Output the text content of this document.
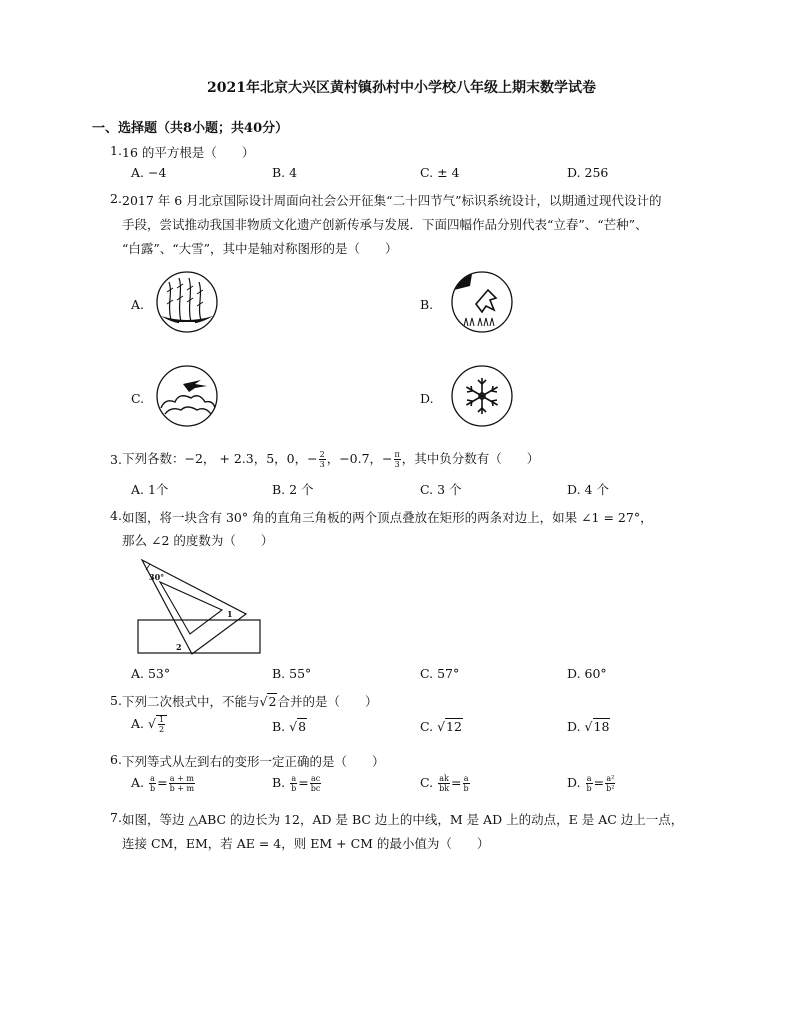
2021年北京大兴区黄村镇孙村中小学校八年级上期末数学试卷
一、选择题（共8小题；共40分）
1. 16 的平方根是（　　）
A. −4	B. 4	C. ± 4	D. 256
2. 2017 年 6 月北京国际设计周面向社会公开征集“二十四节气”标识系统设计，以期通过现代设计的
手段，尝试推动我国非物质文化遗产创新传承与发展．下面四幅作品分别代表“立春”、“芒种”、
“白露”、“大雪”，其中是轴对称图形的是（　　）
A.	B.
C.	D.
3. 下列各数：−2， + 2.3，5，0，− $\frac{2}{3}$ ，−0.7，− $\frac{\pi}{3}$ ，其中负分数有（　　）
A. 1个	B. 2 个	C. 3 个	D. 4 个
4. 如图，将一块含有 30° 角的直角三角板的两个顶点叠放在矩形的两条对边上，如果 ∠1 = 27°，
那么 ∠2 的度数为（　　）
30°
1
2
A. 53°	B. 55°	C. 57°	D. 60°
5. 下列二次根式中，不能与√2合并的是（　　）
A. √ $\frac{1}{2}$	B. √8	C. √12	D. √18
6. 下列等式从左到右的变形一定正确的是（　　）
A. $\frac{a}{b} = \frac{a + m}{b + m}$	B. $\frac{a}{b} = \frac{ac}{bc}$	C. $\frac{ak}{bk} = \frac{a}{b}$	D. $\frac{a}{b} = \frac{\text{a²}}{\text{b²}}$
7. 如图，等边 △ABC 的边长为 12，AD 是 BC 边上的中线，M 是 AD 上的动点，E 是 AC 边上一点，
连接 CM，EM，若 AE = 4，则 EM + CM 的最小值为（　　）
